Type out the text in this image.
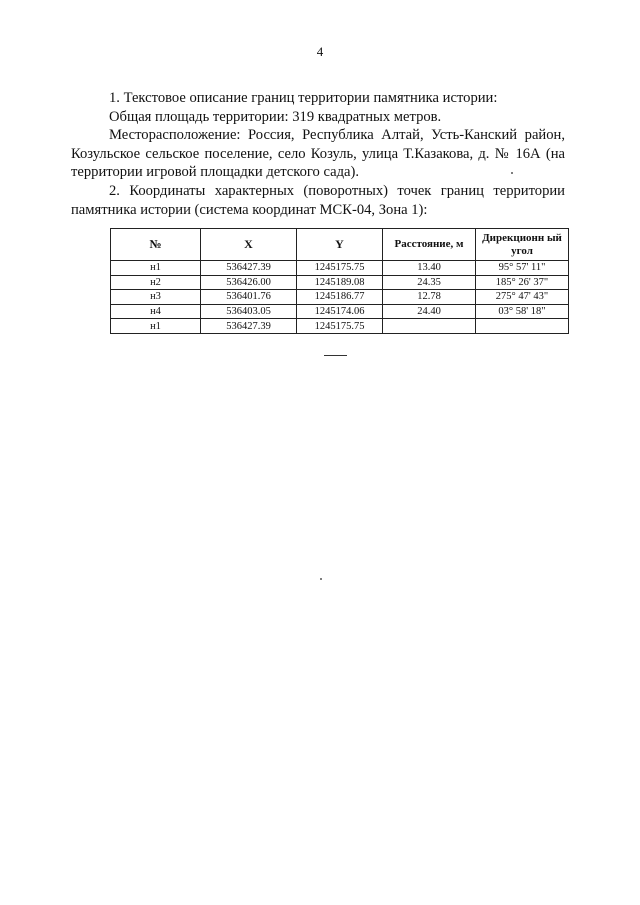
4

1. Текстовое описание границ территории памятника истории:

Общая площадь территории: 319 квадратных метров.

Месторасположение: Россия, Республика Алтай, Усть-Канский район, Козульское сельское поселение, село Козуль, улица Т.Казакова, д. № 16А (на территории игровой площадки детского сада).

2. Координаты характерных (поворотных) точек границ территории памятника истории (система координат МСК-04, Зона 1):

№	X	Y	Расстояние, м	Дирекционн ый угол
н1	536427.39	1245175.75	13.40	95° 57' 11"
н2	536426.00	1245189.08	24.35	185° 26' 37"
н3	536401.76	1245186.77	12.78	275° 47' 43"
н4	536403.05	1245174.06	24.40	03° 58' 18"
н1	536427.39	1245175.75		
